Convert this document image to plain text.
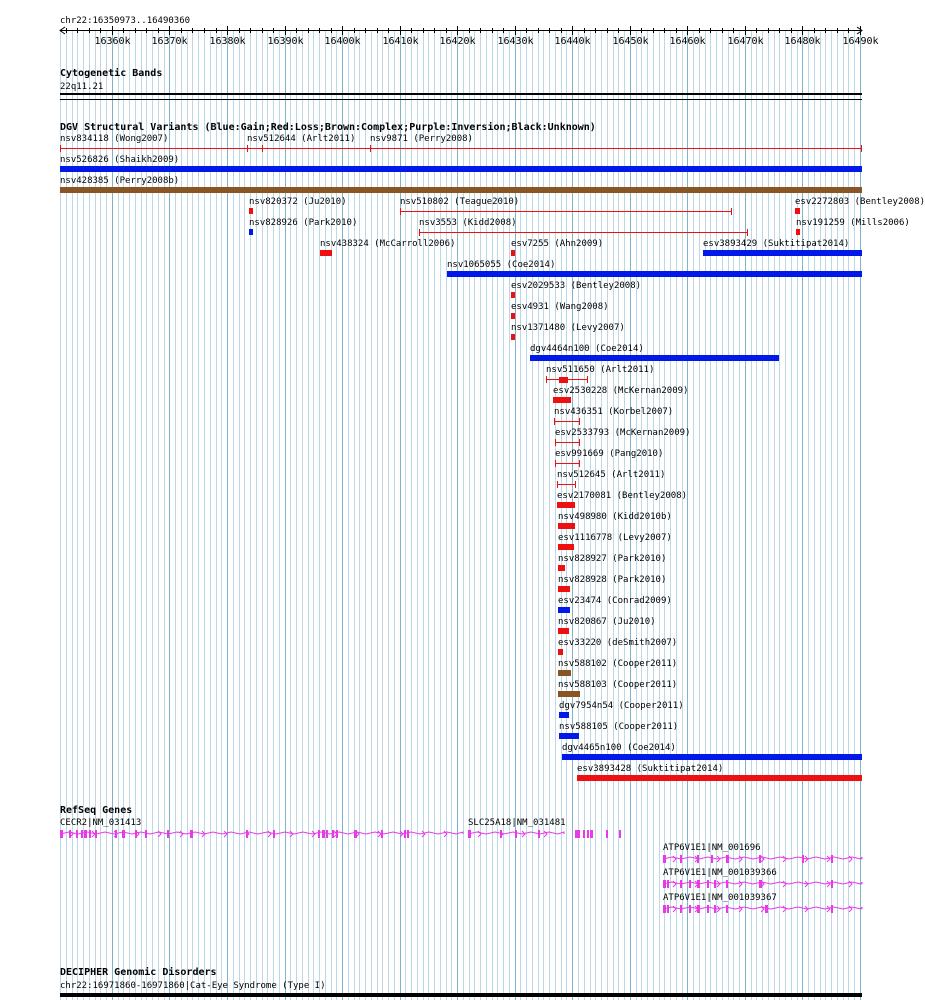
chr22:16350973..16490360
16360k 16370k 16380k 16390k 16400k 16410k 16420k 16430k 16440k 16450k 16460k 16470k 16480k 16490k
Cytogenetic Bands
22q11.21
DGV Structural Variants (Blue:Gain;Red:Loss;Brown:Complex;Purple:Inversion;Black:Unknown)
nsv834118 (Wong2007)	nsv512644 (Arlt2011) nsv9871 (Perry2008)
nsv526826 (Shaikh2009)
nsv428385 (Perry2008b)
nsv820372 (Ju2010)	nsv510802 (Teague2010)	esv2272803 (Bentley2008)
nsv828926 (Park2010)	nsv3553 (Kidd2008)	nsv191259 (Mills2006)
nsv438324 (McCarroll2006)	esv7255 (Ahn2009)	esv3893429 (Suktitipat2014)
nsv1065055 (Coe2014)
esv2029533 (Bentley2008)
esv4931 (Wang2008)
nsv1371480 (Levy2007)
dgv4464n100 (Coe2014)
nsv511650 (Arlt2011)
esv2530228 (McKernan2009)
nsv436351 (Korbel2007)
esv2533793 (McKernan2009)
esv991669 (Pang2010)
nsv512645 (Arlt2011)
esv2170081 (Bentley2008)
nsv498980 (Kidd2010b)
esv1116778 (Levy2007)
nsv828927 (Park2010)
nsv828928 (Park2010)
esv23474 (Conrad2009)
nsv820867 (Ju2010)
esv33220 (deSmith2007)
nsv588102 (Cooper2011)
nsv588103 (Cooper2011)
dgv7954n54 (Cooper2011)
nsv588105 (Cooper2011)
dgv4465n100 (Coe2014)
esv3893428 (Suktitipat2014)
RefSeq Genes
CECR2|NM_031413	SLC25A18|NM_031481
ATP6V1E1|NM_001696
ATP6V1E1|NM_001039366
ATP6V1E1|NM_001039367
DECIPHER Genomic Disorders
chr22:16971860-16971860|Cat-Eye Syndrome (Type I)
